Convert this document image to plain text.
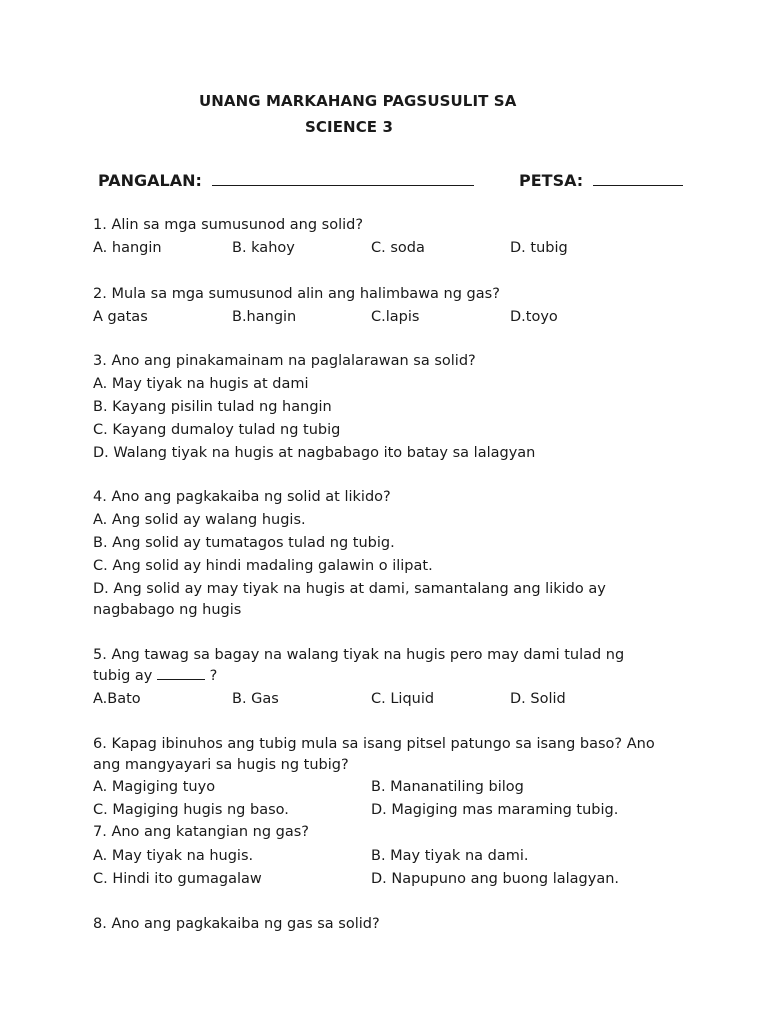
UNANG MARKAHANG PAGSUSULIT SA
SCIENCE 3
PANGALAN:	PETSA:
1. Alin sa mga sumusunod ang solid?
A. hangin	B. kahoy	C. soda	D. tubig
2. Mula sa mga sumusunod alin ang halimbawa ng gas?
A gatas	B.hangin	C.lapis	D.toyo
3. Ano ang pinakamainam na paglalarawan sa solid?
A. May tiyak na hugis at dami
B. Kayang pisilin tulad ng hangin
C. Kayang dumaloy tulad ng tubig
D. Walang tiyak na hugis at nagbabago ito batay sa lalagyan
4. Ano ang pagkakaiba ng solid at likido?
A. Ang solid ay walang hugis.
B. Ang solid ay tumatagos tulad ng tubig.
C. Ang solid ay hindi madaling galawin o ilipat.
D. Ang solid ay may tiyak na hugis at dami, samantalang ang likido ay
nagbabago ng hugis
5. Ang tawag sa bagay na walang tiyak na hugis pero may dami tulad ng
tubig ay	?
A.Bato	B. Gas	C. Liquid	D. Solid
6. Kapag ibinuhos ang tubig mula sa isang pitsel patungo sa isang baso? Ano
ang mangyayari sa hugis ng tubig?
A. Magiging tuyo	B. Mananatiling bilog
C. Magiging hugis ng baso.	D. Magiging mas maraming tubig.
7. Ano ang katangian ng gas?
A. May tiyak na hugis.	B. May tiyak na dami.
C. Hindi ito gumagalaw	D. Napupuno ang buong lalagyan.
8. Ano ang pagkakaiba ng gas sa solid?
